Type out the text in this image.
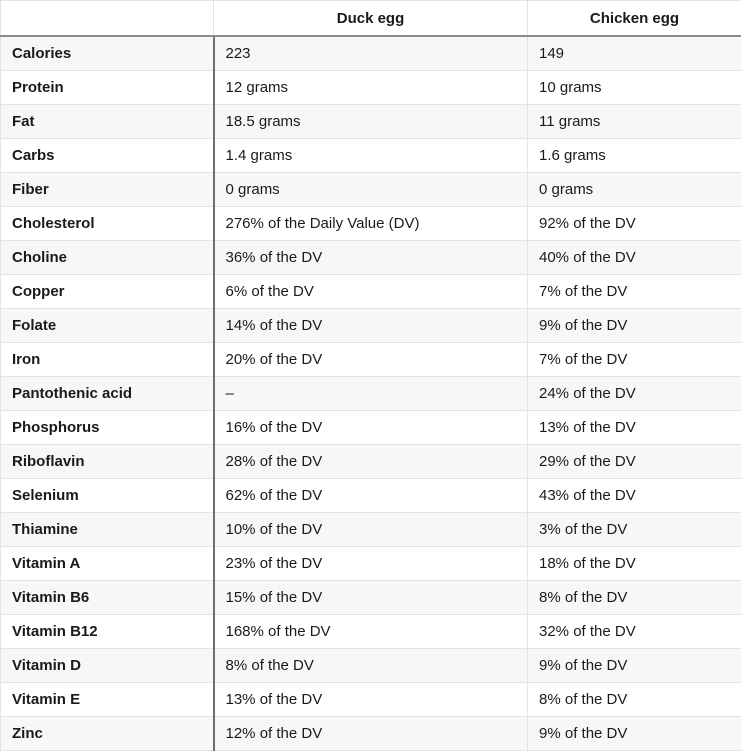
	Duck egg	Chicken egg
Calories	223	149
Protein	12 grams	10 grams
Fat	18.5 grams	11 grams
Carbs	1.4 grams	1.6 grams
Fiber	0 grams	0 grams
Cholesterol	276% of the Daily Value (DV)	92% of the DV
Choline	36% of the DV	40% of the DV
Copper	6% of the DV	7% of the DV
Folate	14% of the DV	9% of the DV
Iron	20% of the DV	7% of the DV
Pantothenic acid	–	24% of the DV
Phosphorus	16% of the DV	13% of the DV
Riboflavin	28% of the DV	29% of the DV
Selenium	62% of the DV	43% of the DV
Thiamine	10% of the DV	3% of the DV
Vitamin A	23% of the DV	18% of the DV
Vitamin B6	15% of the DV	8% of the DV
Vitamin B12	168% of the DV	32% of the DV
Vitamin D	8% of the DV	9% of the DV
Vitamin E	13% of the DV	8% of the DV
Zinc	12% of the DV	9% of the DV
